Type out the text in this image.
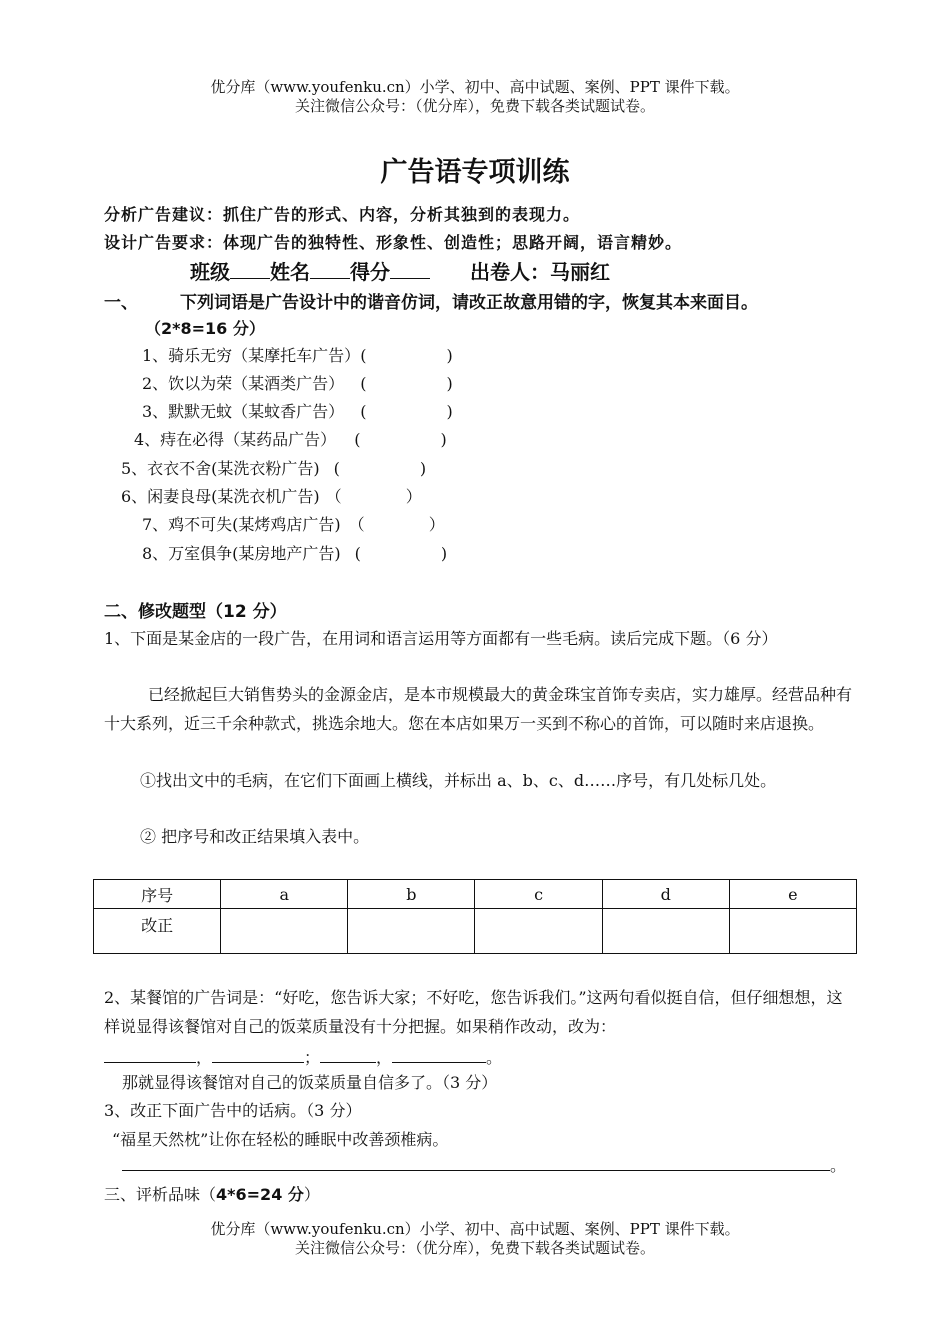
优分库（www.youfenku.cn）小学、初中、高中试题、案例、PPT 课件下载。
关注微信公众号：（优分库），免费下载各类试题试卷。
广告语专项训练
分析广告建议：抓住广告的形式、内容，分析其独到的表现力。
设计广告要求：体现广告的独特性、形象性、创造性；思路开阔，语言精妙。
班级 姓名 得分	出卷人：马丽红
一、 下列词语是广告设计中的谐音仿词，请改正故意用错的字，恢复其本来面目。
（2*8=16 分）
1、骑乐无穷（某摩托车广告）(	)
2、饮以为荣（某酒类广告） (	)
3、默默无蚊（某蚊香广告） (	)
4、痔在必得（某药品广告） (	)
5、衣衣不舍(某洗衣粉广告) (	)
6、闲妻良母(某洗衣机广告) （	）
7、鸡不可失(某烤鸡店广告) （	）
8、万室俱争(某房地产广告) (	)
二、修改题型（12 分）
1、下面是某金店的一段广告，在用词和语言运用等方面都有一些毛病。读后完成下题。（6 分）
已经掀起巨大销售势头的金源金店，是本市规模最大的黄金珠宝首饰专卖店，实力雄厚。经营品种有十大系列，近三千余种款式，挑选余地大。您在本店如果万一买到不称心的首饰，可以随时来店退换。
①找出文中的毛病，在它们下面画上横线，并标出 a、b、c、d……序号，有几处标几处。
② 把序号和改正结果填入表中。
序号	a	b	c	d	e
改正					
2、某餐馆的广告词是：“好吃，您告诉大家；不好吃，您告诉我们。”这两句看似挺自信，但仔细想想，这样说显得该餐馆对自己的饭菜质量没有十分把握。如果稍作改动，改为：
，	；	，	。
那就显得该餐馆对自己的饭菜质量自信多了。（3 分）
3、改正下面广告中的话病。（3 分）
“福星天然枕”让你在轻松的睡眠中改善颈椎病。
。
三、评析品味（4*6=24 分）
优分库（www.youfenku.cn）小学、初中、高中试题、案例、PPT 课件下载。
关注微信公众号：（优分库），免费下载各类试题试卷。
